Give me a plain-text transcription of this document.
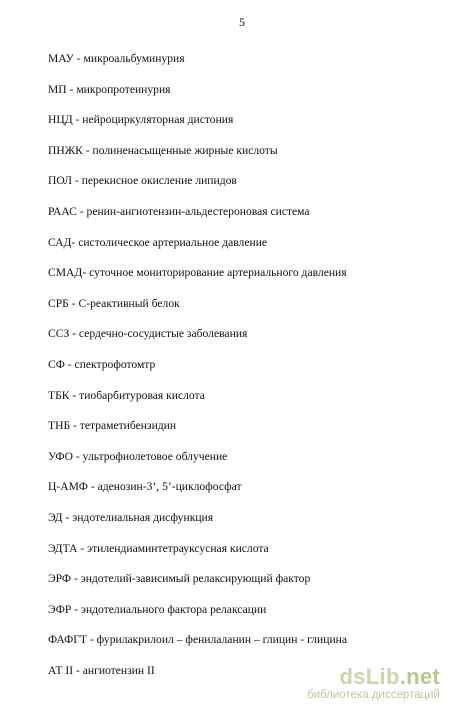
5
МАУ - микроальбуминурия
МП - микропротеинурия
НЦД - нейроциркуляторная дистония
ПНЖК - полиненасыщенные жирные кислоты
ПОЛ - перекисное окисление липидов
РААС - ренин-ангиотензин-альдестероновая система
САД- систолическое артериальное давление
СМАД- суточное мониторирование артериального давления
СРБ - С-реактивный белок
ССЗ - сердечно-сосудистые заболевания
СФ - спектрофотомтр
ТБК - тиобарбитуровая кислота
ТНБ - тетраметибензидин
УФО - ультрофиолетовое облучение
Ц-АМФ - аденозин-3’, 5’-циклофосфат
ЭД - эндотелиальная дисфункция
ЭДТА - этилендиаминтетрауксусная кислота
ЭРФ - эндотелий-зависимый релаксирующий фактор
ЭФР - эндотелиального фактора релаксации
ФАФГТ - фурилакрилоил – фенилаланин – глицин - глицина
АТ II - ангиотензин II	dsLib.net
библиотека диссертаций
